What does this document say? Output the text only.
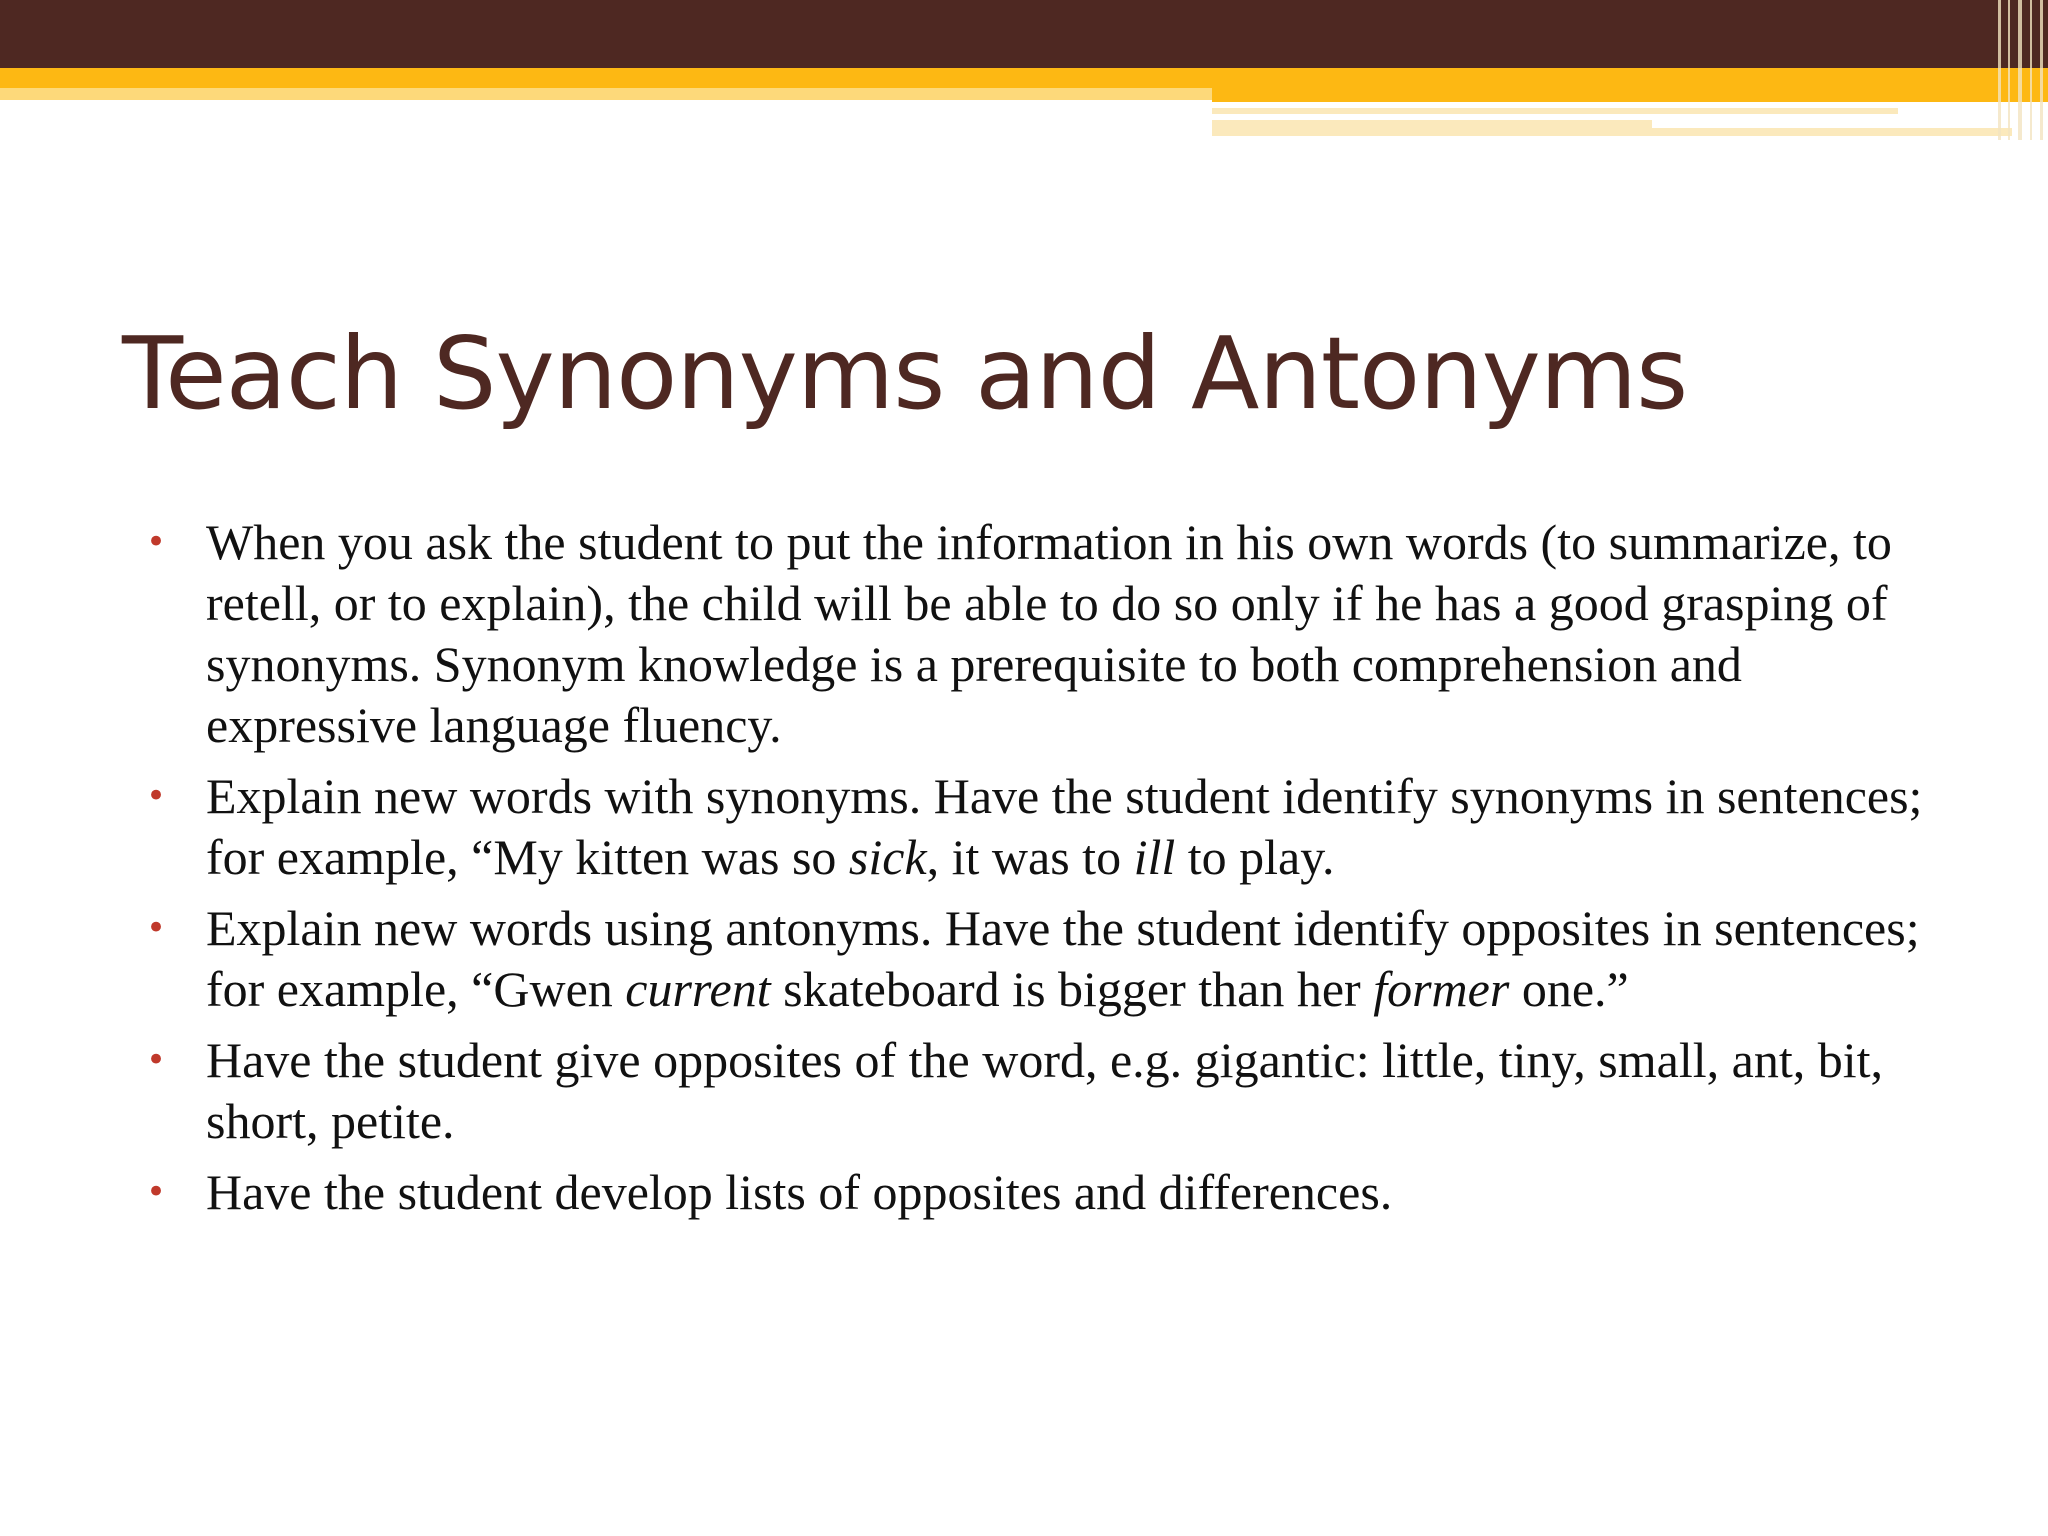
Teach Synonyms and Antonyms
• When you ask the student to put the information in his own words (to summarize, to retell, or to explain), the child will be able to do so only if he has a good grasping of synonyms. Synonym knowledge is a prerequisite to both comprehension and expressive language fluency.
• Explain new words with synonyms. Have the student identify synonyms in sentences; for example, “My kitten was so sick, it was to ill to play.
• Explain new words using antonyms. Have the student identify opposites in sentences; for example, “Gwen current skateboard is bigger than her former one.”
• Have the student give opposites of the word, e.g. gigantic: little, tiny, small, ant, bit, short, petite.
• Have the student develop lists of opposites and differences.
